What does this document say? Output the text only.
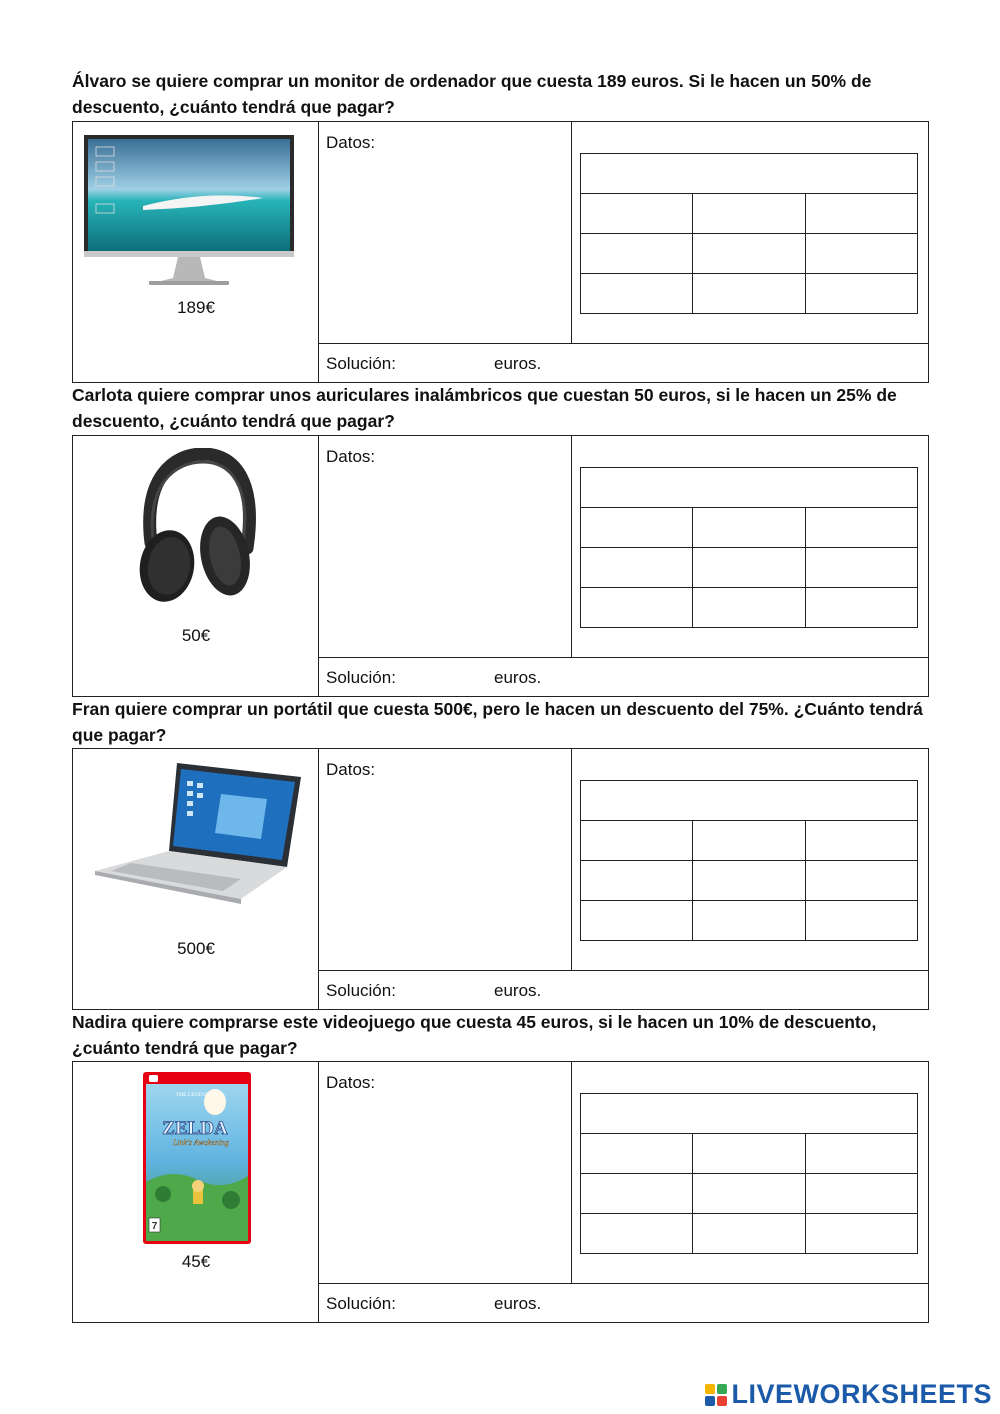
Álvaro se quiere comprar un monitor de ordenador que cuesta 189 euros. Si le hacen un 50% de descuento, ¿cuánto tendrá que pagar?

189€
Datos:
Solución:	euros.

Carlota quiere comprar unos auriculares inalámbricos que cuestan 50 euros, si le hacen un 25% de descuento, ¿cuánto tendrá que pagar?

50€
Datos:
Solución:	euros.

Fran quiere comprar un portátil que cuesta 500€, pero le hacen un descuento del 75%. ¿Cuánto tendrá que pagar?

500€
Datos:
Solución:	euros.

Nadira quiere comprarse este videojuego que cuesta 45 euros, si le hacen un 10% de descuento, ¿cuánto tendrá que pagar?

THE LEGEND OF
ZELDA
Link's Awakening
7
45€
Datos:
Solución:	euros.
LIVEWORKSHEETS
